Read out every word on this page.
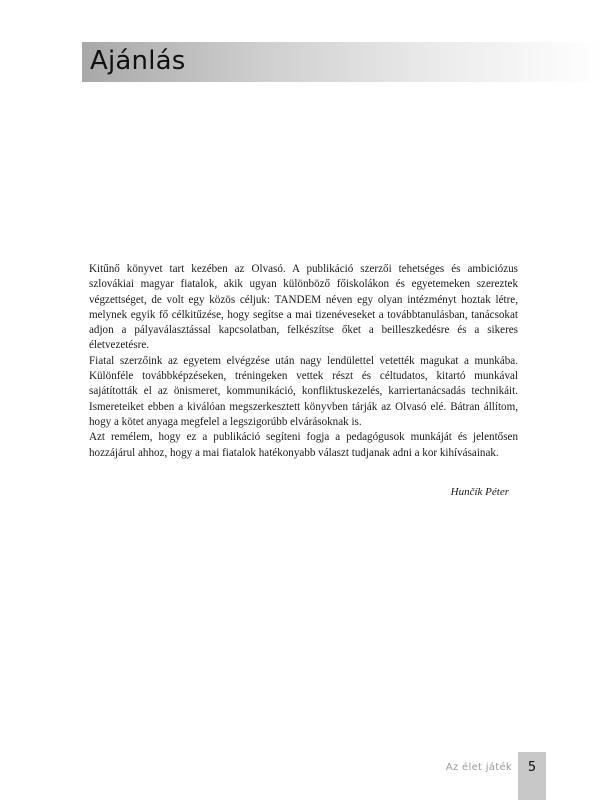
Ajánlás

Kitűnő könyvet tart kezében az Olvasó. A publikáció szerzői tehetséges és ambiciózus szlovákiai magyar fiatalok, akik ugyan különböző főiskolákon és egyetemeken szereztek végzettséget, de volt egy közös céljuk: TANDEM néven egy olyan intézményt hoztak létre, melynek egyik fő célkitűzése, hogy segítse a mai tizenéveseket a továbbtanulásban, tanácsokat adjon a pályaválasztással kapcsolatban, felkészítse őket a beilleszkedésre és a sikeres életvezetésre.

Fiatal szerzőink az egyetem elvégzése után nagy lendülettel vetették magukat a munkába. Különféle továbbképzéseken, tréningeken vettek részt és céltudatos, kitartó munkával sajátították el az önismeret, kommunikáció, konfliktuskezelés, karriertanácsadás technikáit. Ismereteiket ebben a kiválóan megszerkesztett könyvben tárják az Olvasó elé. Bátran állítom, hogy a kötet anyaga megfelel a legszigorúbb elvárásoknak is.

Azt remélem, hogy ez a publikáció segíteni fogja a pedagógusok munkáját és jelentősen hozzájárul ahhoz, hogy a mai fiatalok hatékonyabb választ tudjanak adni a kor kihívásainak.

Hunčík Péter
Az élet játék	5
